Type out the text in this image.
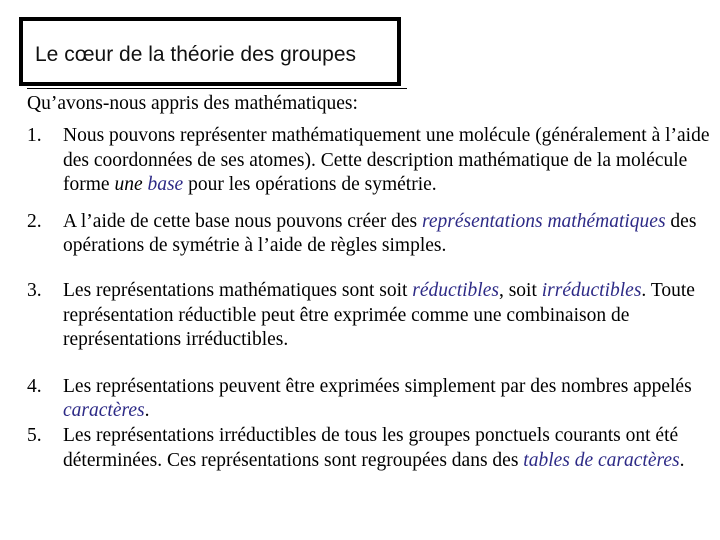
Le cœur de la théorie des groupes
Qu’avons-nous appris des mathématiques:
1. Nous pouvons représenter mathématiquement une molécule (généralement à l’aide des coordonnées de ses atomes). Cette description mathématique de la molécule forme une base pour les opérations de symétrie.
2. A l’aide de cette base nous pouvons créer des représentations mathématiques des opérations de symétrie à l’aide de règles simples.
3. Les représentations mathématiques sont soit réductibles, soit irréductibles. Toute représentation réductible peut être exprimée comme une combinaison de représentations irréductibles.
4. Les représentations peuvent être exprimées simplement par des nombres appelés caractères.
5. Les représentations irréductibles de tous les groupes ponctuels courants ont été déterminées. Ces représentations sont regroupées dans des tables de caractères.
